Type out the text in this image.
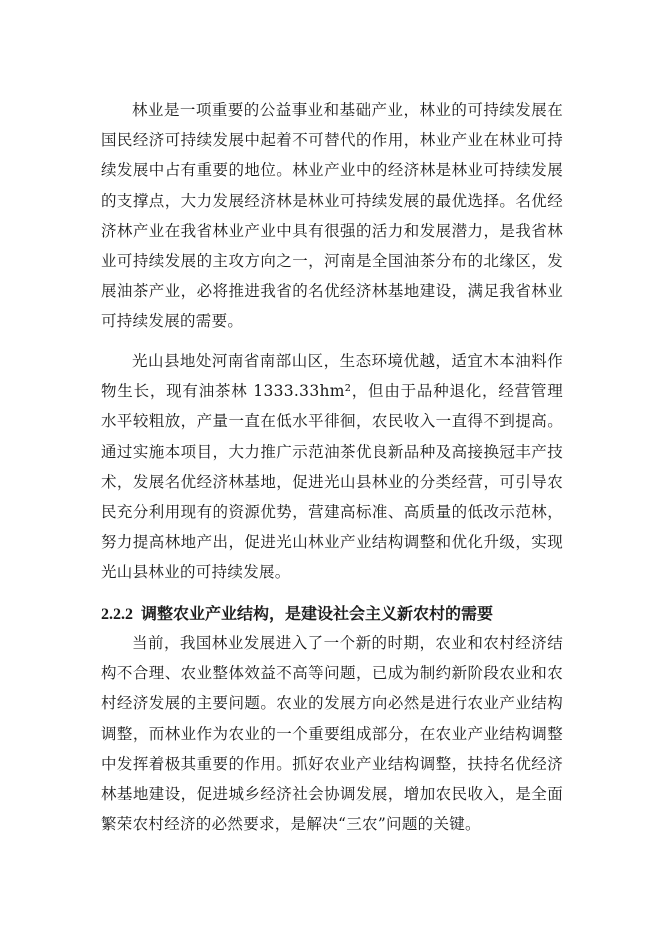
林业是一项重要的公益事业和基础产业，林业的可持续发展在国民经济可持续发展中起着不可替代的作用，林业产业在林业可持续发展中占有重要的地位。林业产业中的经济林是林业可持续发展的支撑点，大力发展经济林是林业可持续发展的最优选择。名优经济林产业在我省林业产业中具有很强的活力和发展潜力，是我省林业可持续发展的主攻方向之一，河南是全国油茶分布的北缘区，发展油茶产业，必将推进我省的名优经济林基地建设，满足我省林业可持续发展的需要。

光山县地处河南省南部山区，生态环境优越，适宜木本油料作物生长，现有油茶林 1333.33hm²，但由于品种退化，经营管理水平较粗放，产量一直在低水平徘徊，农民收入一直得不到提高。通过实施本项目，大力推广示范油茶优良新品种及高接换冠丰产技术，发展名优经济林基地，促进光山县林业的分类经营，可引导农民充分利用现有的资源优势，营建高标准、高质量的低改示范林，努力提高林地产出，促进光山林业产业结构调整和优化升级，实现光山县林业的可持续发展。

2.2.2 调整农业产业结构，是建设社会主义新农村的需要

当前，我国林业发展进入了一个新的时期，农业和农村经济结构不合理、农业整体效益不高等问题，已成为制约新阶段农业和农村经济发展的主要问题。农业的发展方向必然是进行农业产业结构调整，而林业作为农业的一个重要组成部分，在农业产业结构调整中发挥着极其重要的作用。抓好农业产业结构调整，扶持名优经济林基地建设，促进城乡经济社会协调发展，增加农民收入，是全面繁荣农村经济的必然要求，是解决“三农”问题的关键。
